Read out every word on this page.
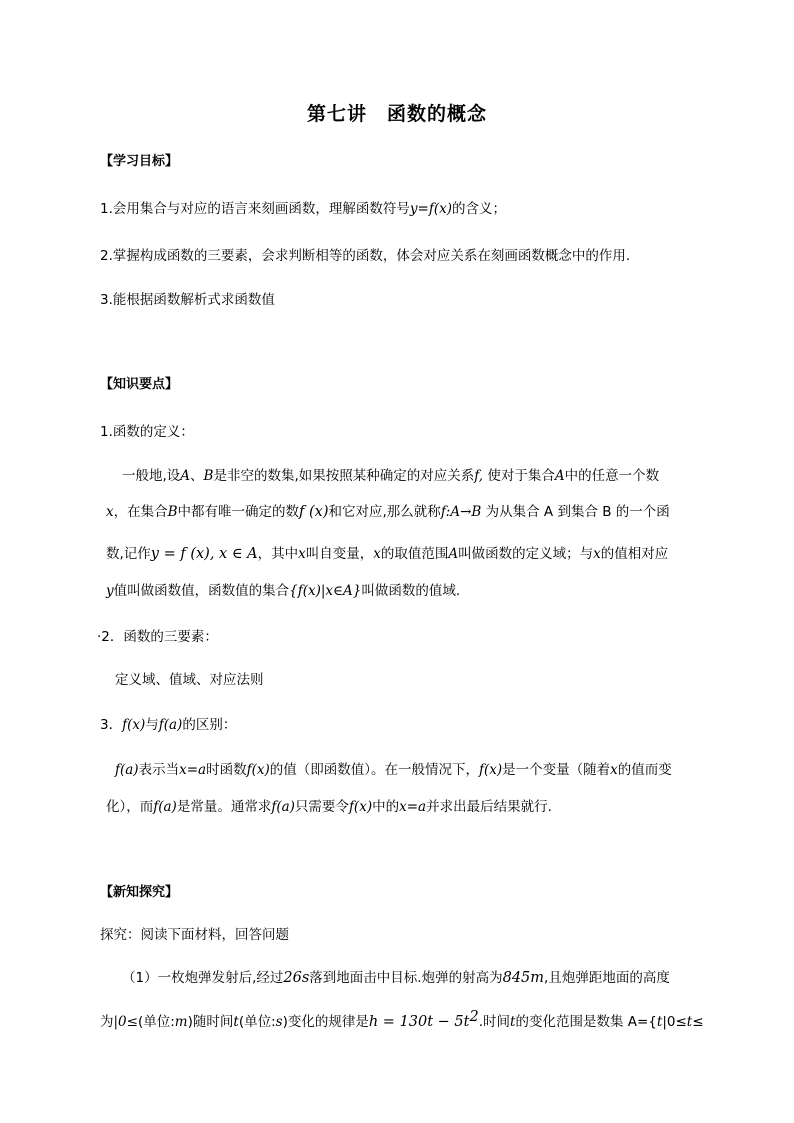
第七讲　函数的概念
【学习目标】
1.会用集合与对应的语言来刻画函数，理解函数符号y=f(x)的含义；
2.掌握构成函数的三要素，会求判断相等的函数，体会对应关系在刻画函数概念中的作用.
3.能根据函数解析式求函数值
【知识要点】
1.函数的定义：
一般地,设A、B是非空的数集,如果按照某种确定的对应关系f, 使对于集合A中的任意一个数
x，在集合B中都有唯一确定的数f (x)和它对应,那么就称f:A→B 为从集合 A 到集合 B 的一个函
数,记作y = f (x), x ∈ A，其中x叫自变量，x的取值范围A叫做函数的定义域；与x的值相对应
y值叫做函数值，函数值的集合{f(x)|x∈A}叫做函数的值域.
·2．函数的三要素：
定义域、值域、对应法则
3．f(x)与f(a)的区别：
f(a)表示当x=a时函数f(x)的值（即函数值）。在一般情况下，f(x)是一个变量（随着x的值而变
化），而f(a)是常量。通常求f(a)只需要令f(x)中的x=a并求出最后结果就行.
【新知探究】
探究：阅读下面材料，回答问题
（1）一枚炮弹发射后,经过26s落到地面击中目标.炮弹的射高为845m,且炮弹距地面的高度
为|0≤(单位:m)随时间t(单位:s)变化的规律是$h = 130t - 5t^2$.时间t的变化范围是数集 A={t|0≤t≤
